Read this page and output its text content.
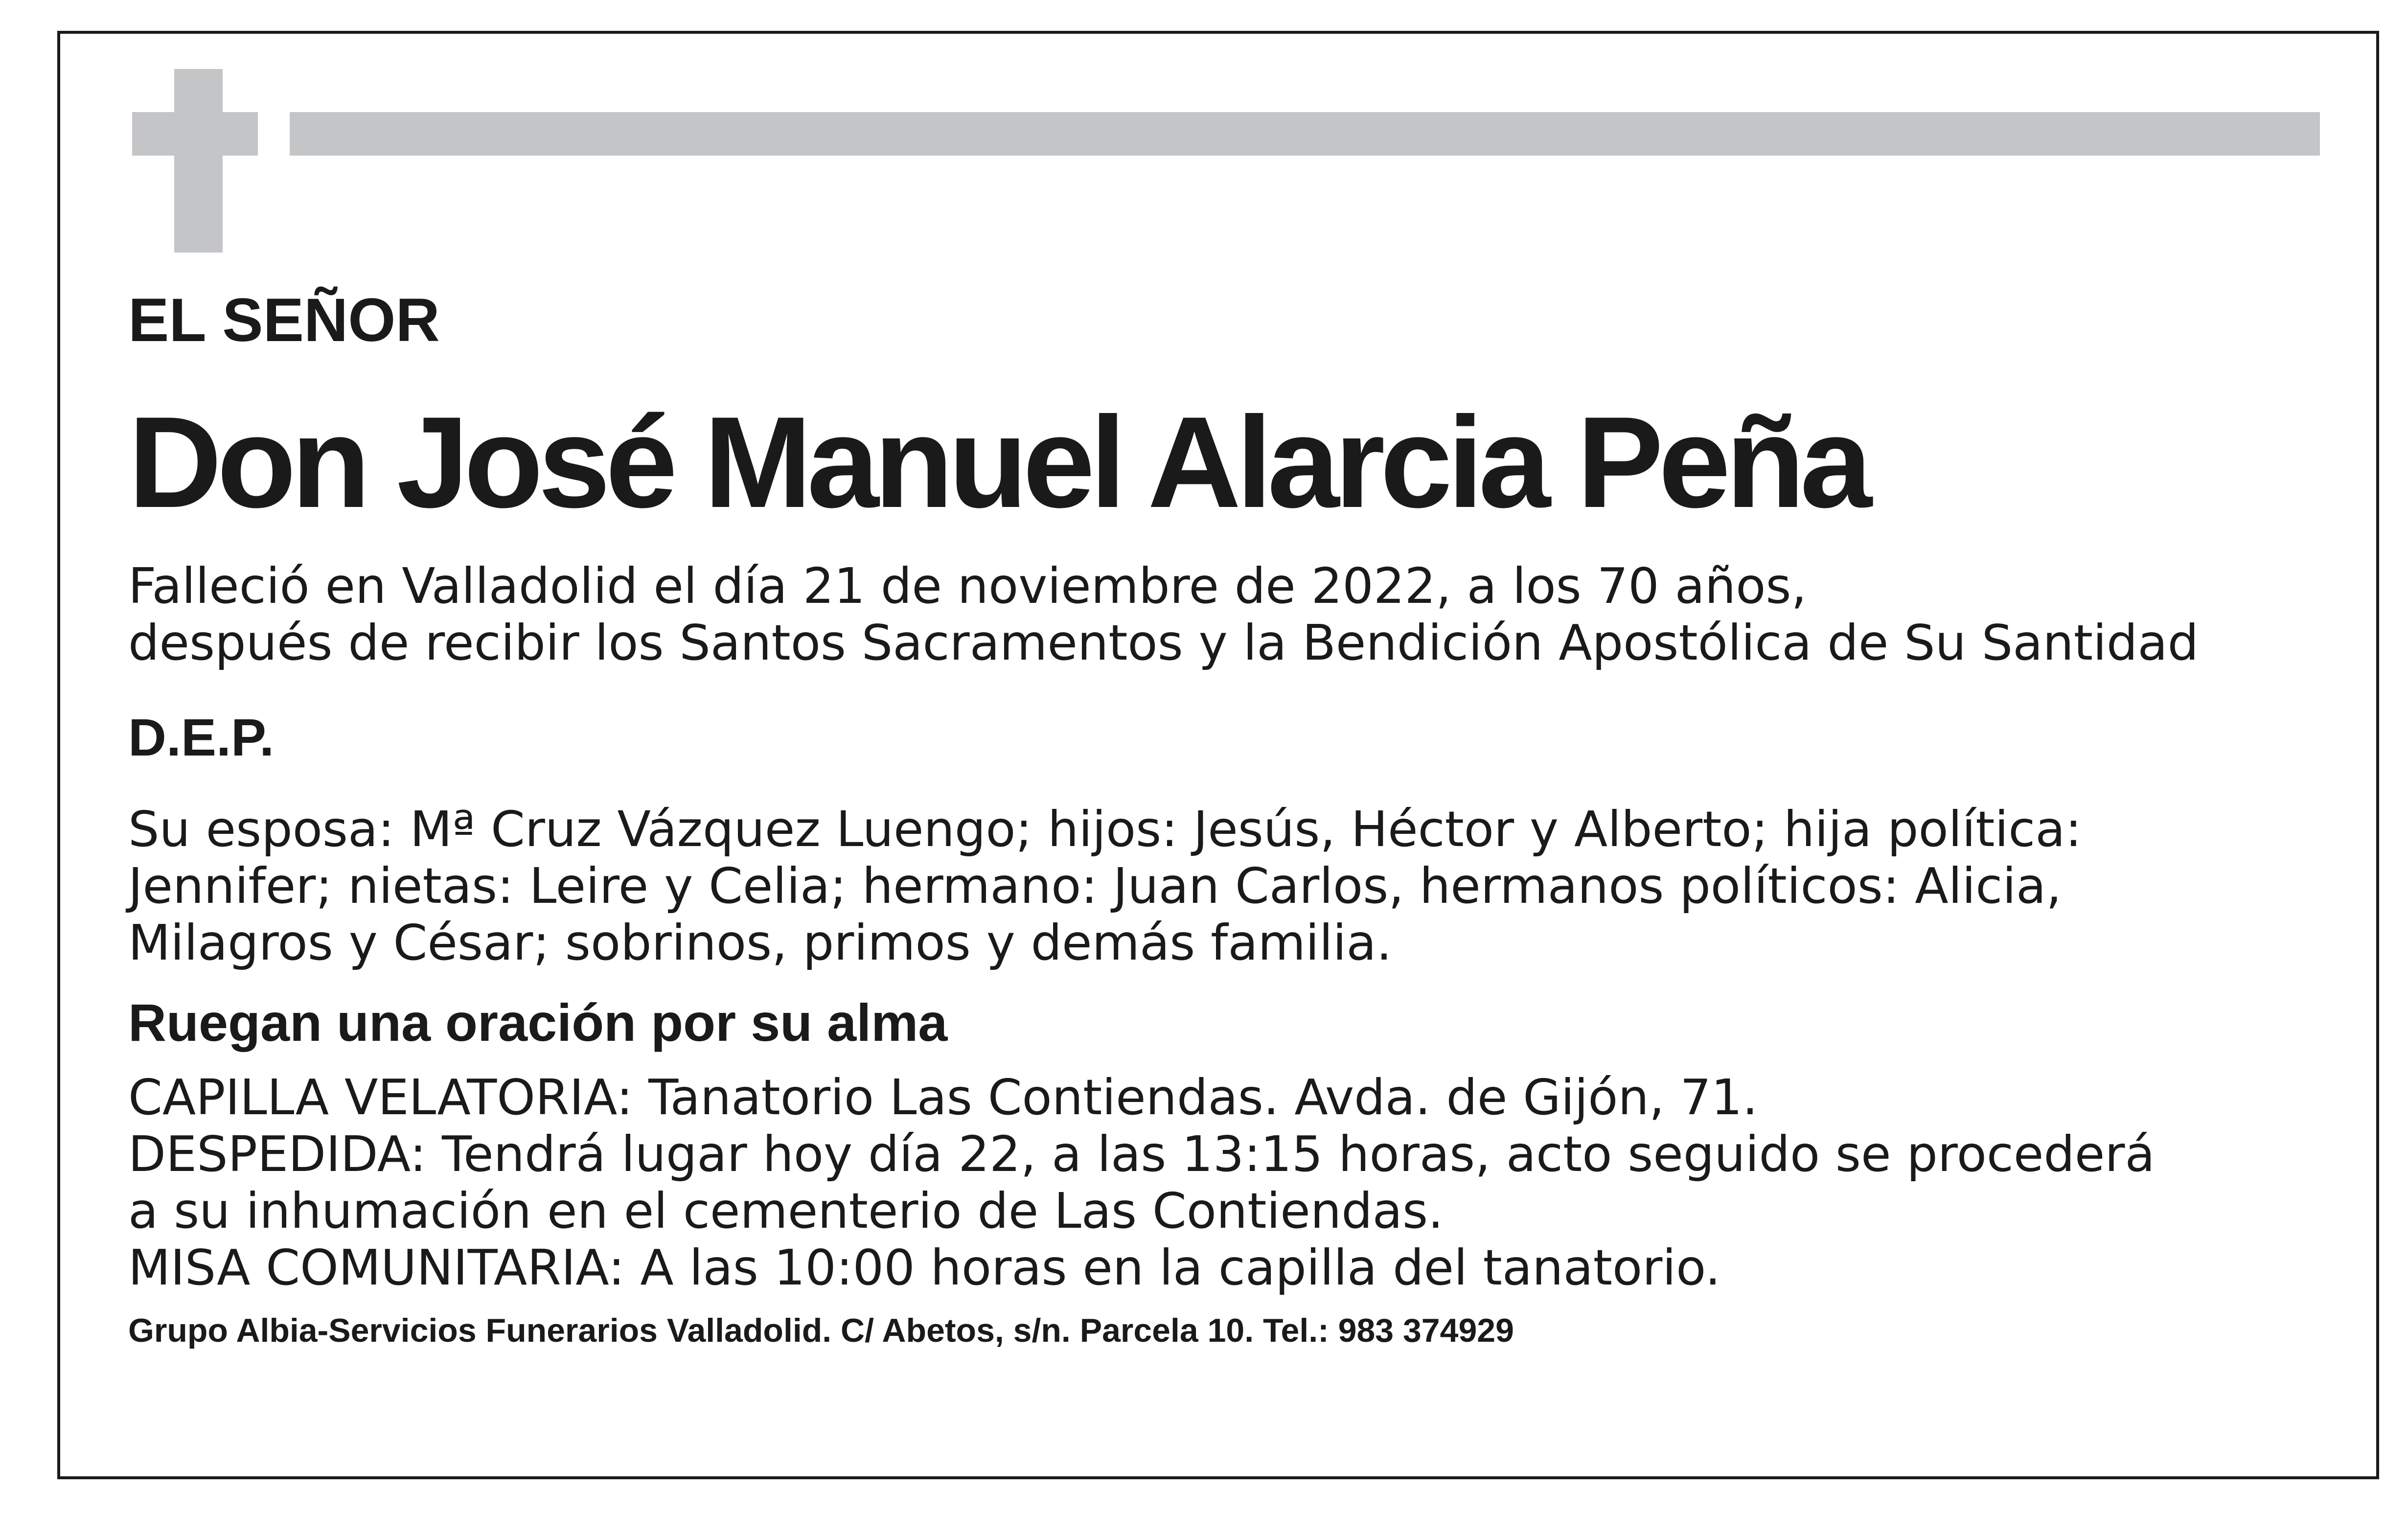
EL SEÑOR

Don José Manuel Alarcia Peña

Falleció en Valladolid el día 21 de noviembre de 2022, a los 70 años,
después de recibir los Santos Sacramentos y la Bendición Apostólica de Su Santidad

D.E.P.

Su esposa: Mª Cruz Vázquez Luengo; hijos: Jesús, Héctor y Alberto; hija política:
Jennifer; nietas: Leire y Celia; hermano: Juan Carlos, hermanos políticos: Alicia,
Milagros y César; sobrinos, primos y demás familia.

Ruegan una oración por su alma

CAPILLA VELATORIA: Tanatorio Las Contiendas. Avda. de Gijón, 71.
DESPEDIDA: Tendrá lugar hoy día 22, a las 13:15 horas, acto seguido se procederá
a su inhumación en el cementerio de Las Contiendas.
MISA COMUNITARIA: A las 10:00 horas en la capilla del tanatorio.

Grupo Albia-Servicios Funerarios Valladolid. C/ Abetos, s/n. Parcela 10. Tel.: 983 374929
